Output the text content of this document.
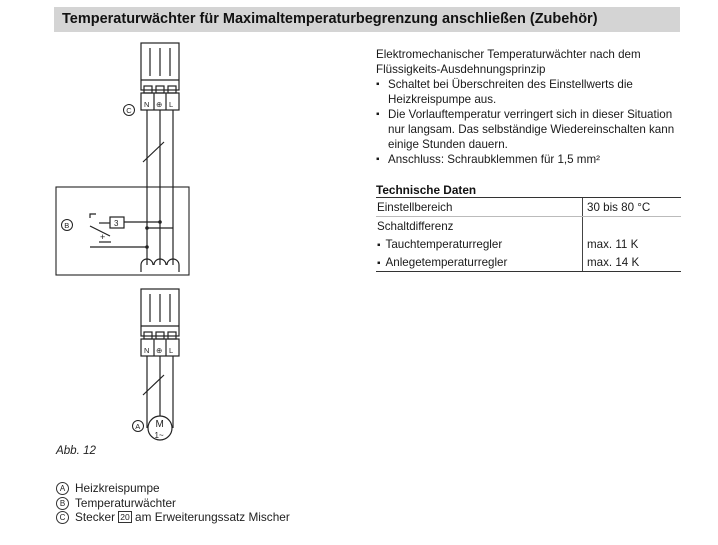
Temperaturwächter für Maximaltemperaturbegrenzung anschließen (Zubehör)
N ⊕ L
C
3
+
B
N ⊕ L
M
1~
A
Elektromechanischer Temperaturwächter nach dem Flüssigkeits-Ausdehnungsprinzip
▪ Schaltet bei Überschreiten des Einstellwerts die Heizkreispumpe aus.
▪ Die Vorlauftemperatur verringert sich in dieser Situation nur langsam. Das selbständige Wiedereinschalten kann einige Stunden dauern.
▪ Anschluss: Schraubklemmen für 1,5 mm²
Technische Daten
Einstellbereich	30 bis 80 °C
Schaltdifferenz	
▪ Tauchtemperaturregler	max. 11 K
▪ Anlegetemperaturregler	max. 14 K
Abb. 12
A Heizkreispumpe
B Temperaturwächter
C Stecker 20 am Erweiterungssatz Mischer
